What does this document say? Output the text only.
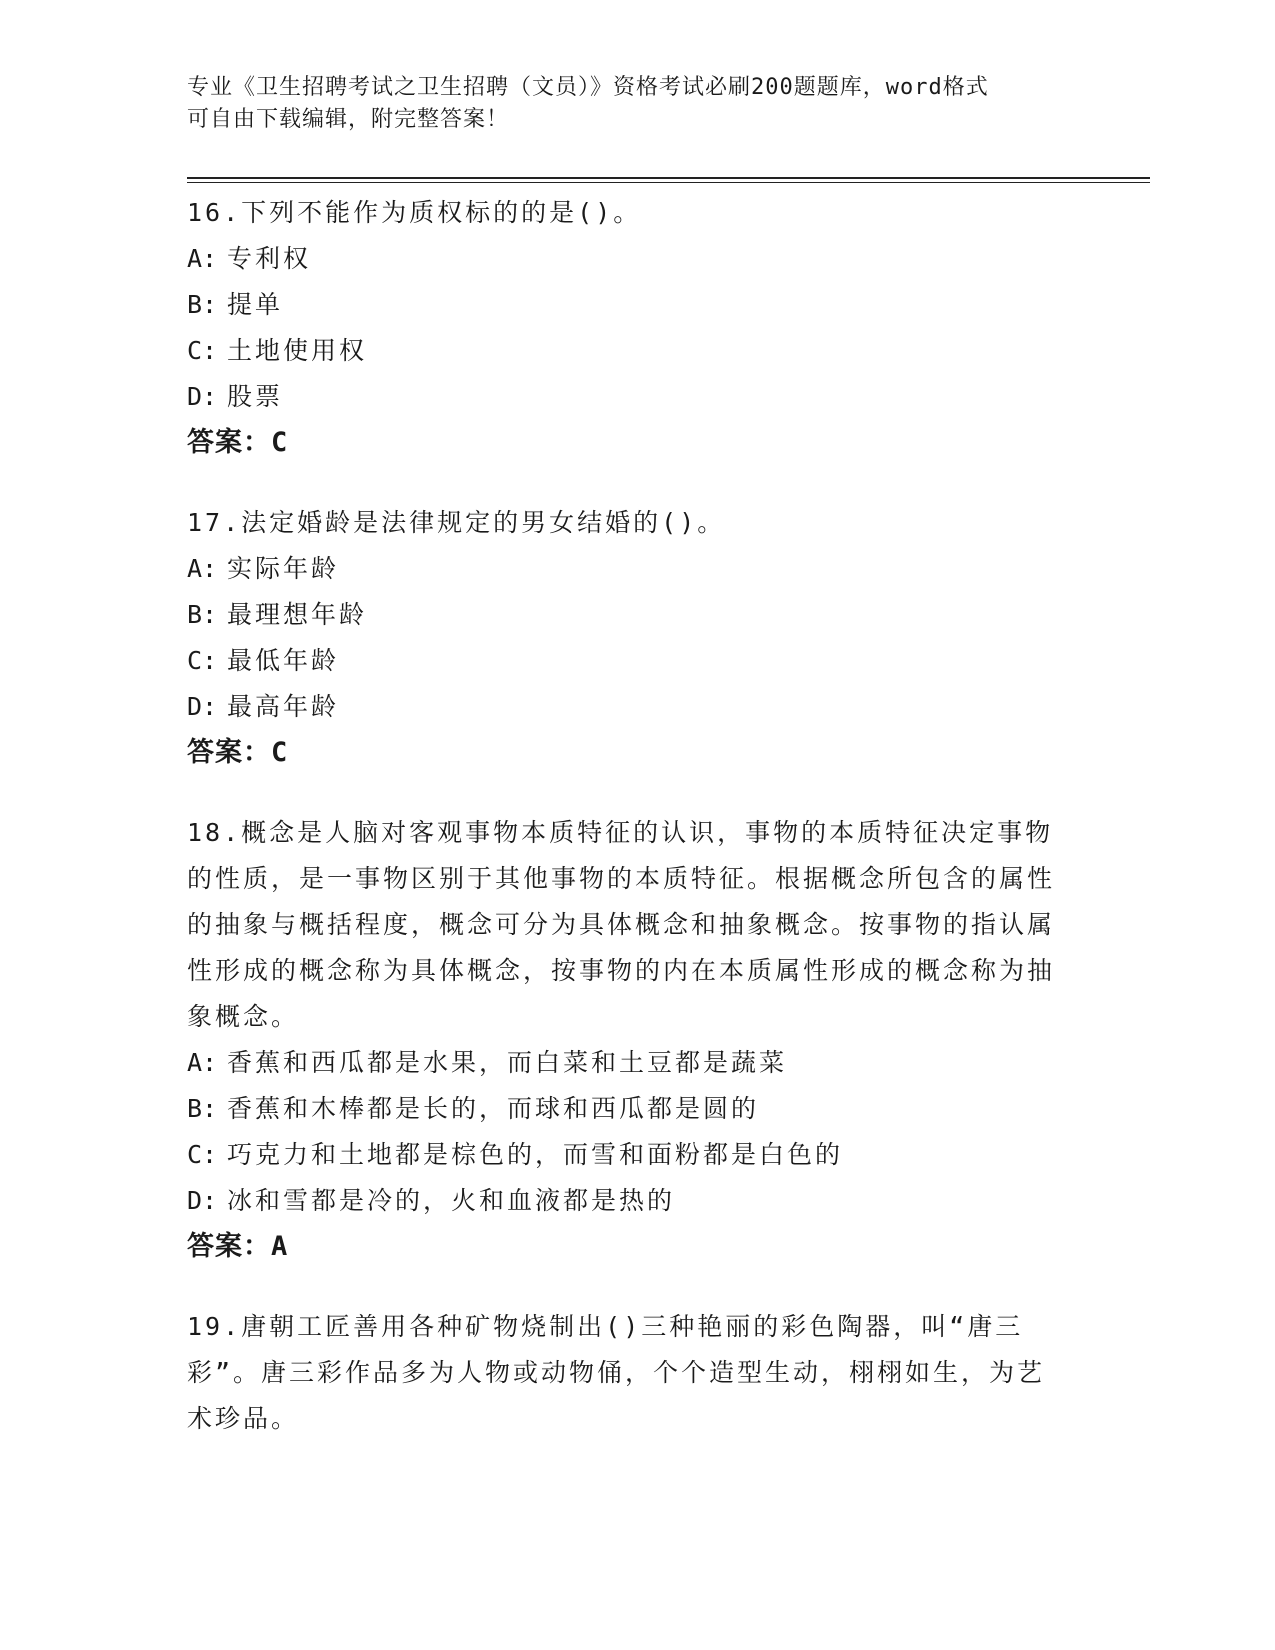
专业《卫生招聘考试之卫生招聘（文员）》资格考试必刷200题题库，word格式
可自由下载编辑，附完整答案！
16.下列不能作为质权标的的是()。
A: 专利权
B: 提单
C: 土地使用权
D: 股票
答案：C
17.法定婚龄是法律规定的男女结婚的()。
A: 实际年龄
B: 最理想年龄
C: 最低年龄
D: 最高年龄
答案：C
18.概念是人脑对客观事物本质特征的认识，事物的本质特征决定事物的性质，是一事物区别于其他事物的本质特征。根据概念所包含的属性的抽象与概括程度，概念可分为具体概念和抽象概念。按事物的指认属性形成的概念称为具体概念，按事物的内在本质属性形成的概念称为抽象概念。
A: 香蕉和西瓜都是水果，而白菜和土豆都是蔬菜
B: 香蕉和木棒都是长的，而球和西瓜都是圆的
C: 巧克力和土地都是棕色的，而雪和面粉都是白色的
D: 冰和雪都是冷的，火和血液都是热的
答案：A
19.唐朝工匠善用各种矿物烧制出()三种艳丽的彩色陶器，叫“唐三彩”。唐三彩作品多为人物或动物俑，个个造型生动，栩栩如生，为艺术珍品。
